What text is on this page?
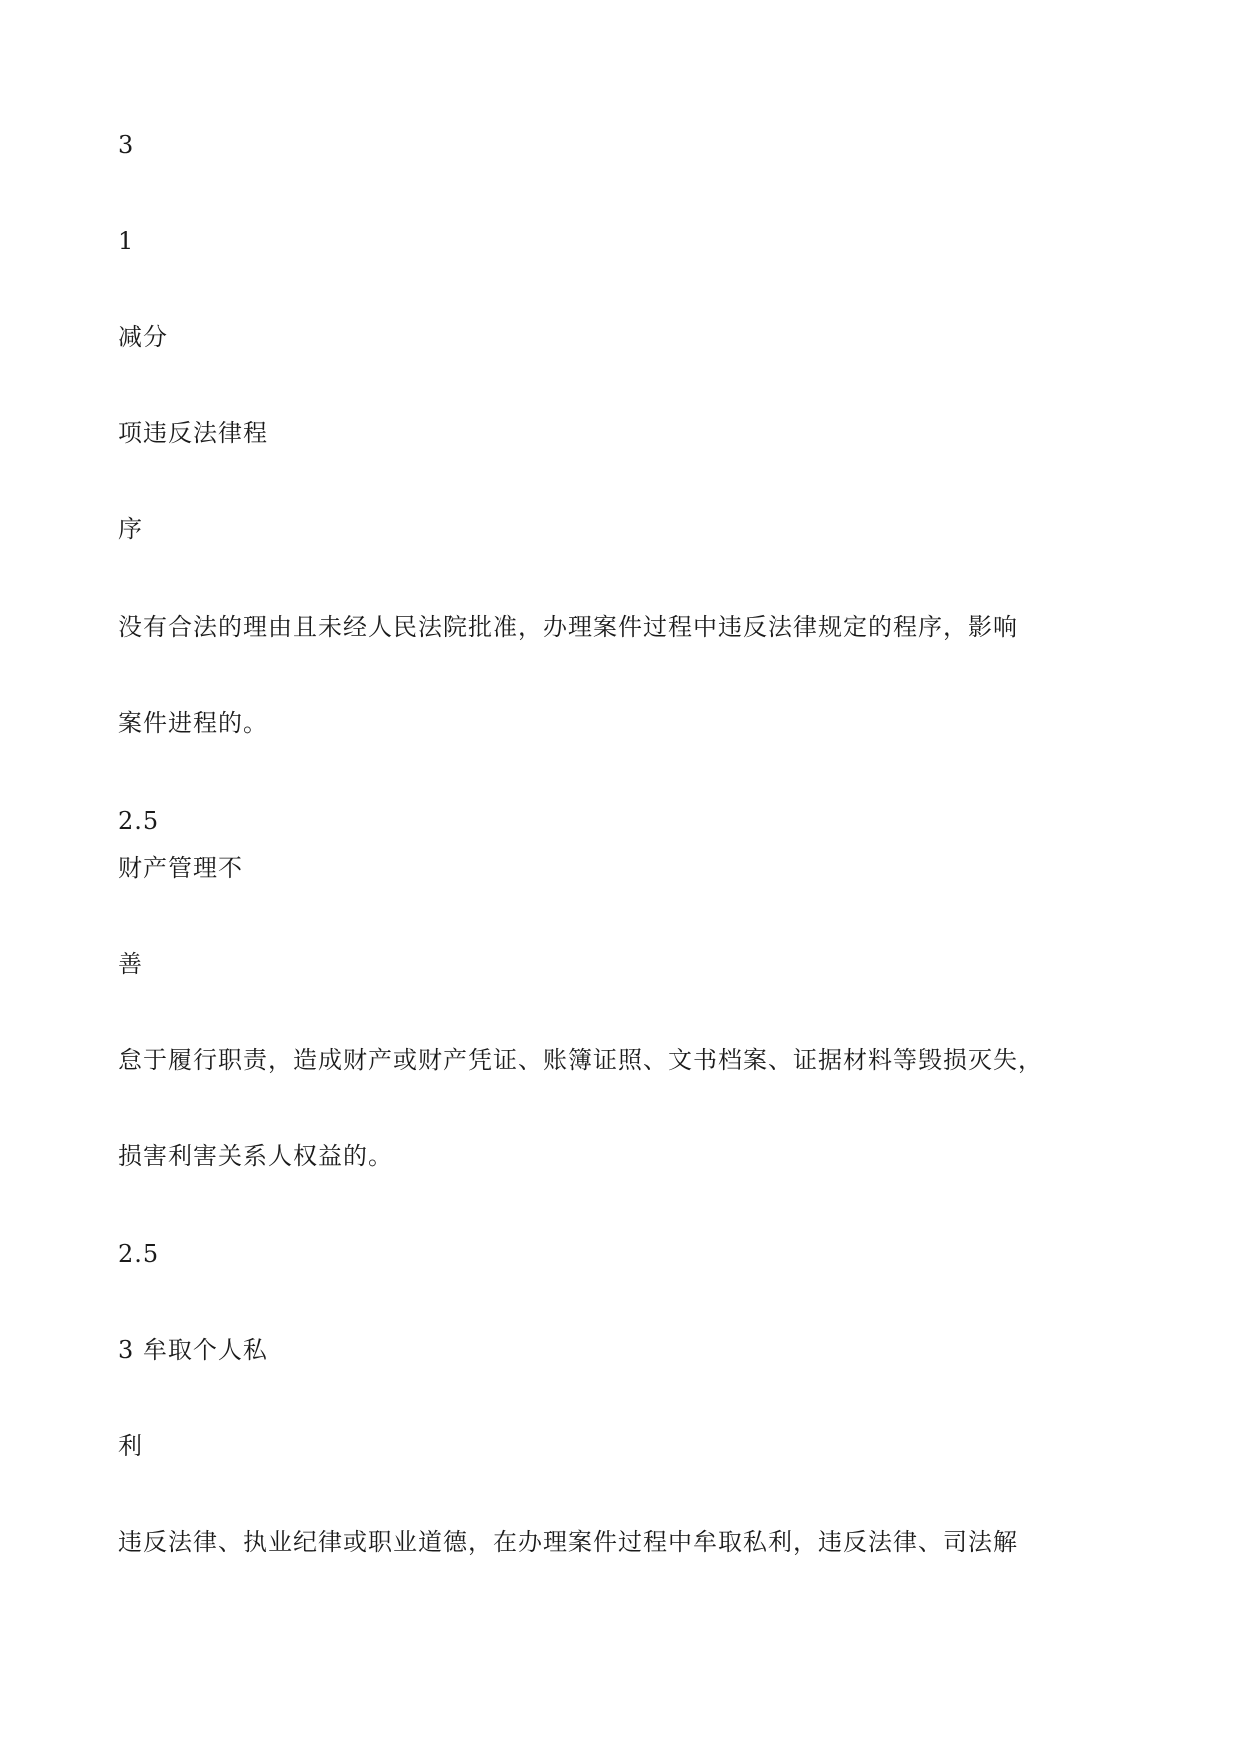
3
1
减分
项违反法律程
序
没有合法的理由且未经人民法院批准，办理案件过程中违反法律规定的程序，影响
案件进程的。
2.5
财产管理不
善
怠于履行职责，造成财产或财产凭证、账簿证照、文书档案、证据材料等毁损灭失，
损害利害关系人权益的。
2.5
3 牟取个人私
利
违反法律、执业纪律或职业道德，在办理案件过程中牟取私利，违反法律、司法解
